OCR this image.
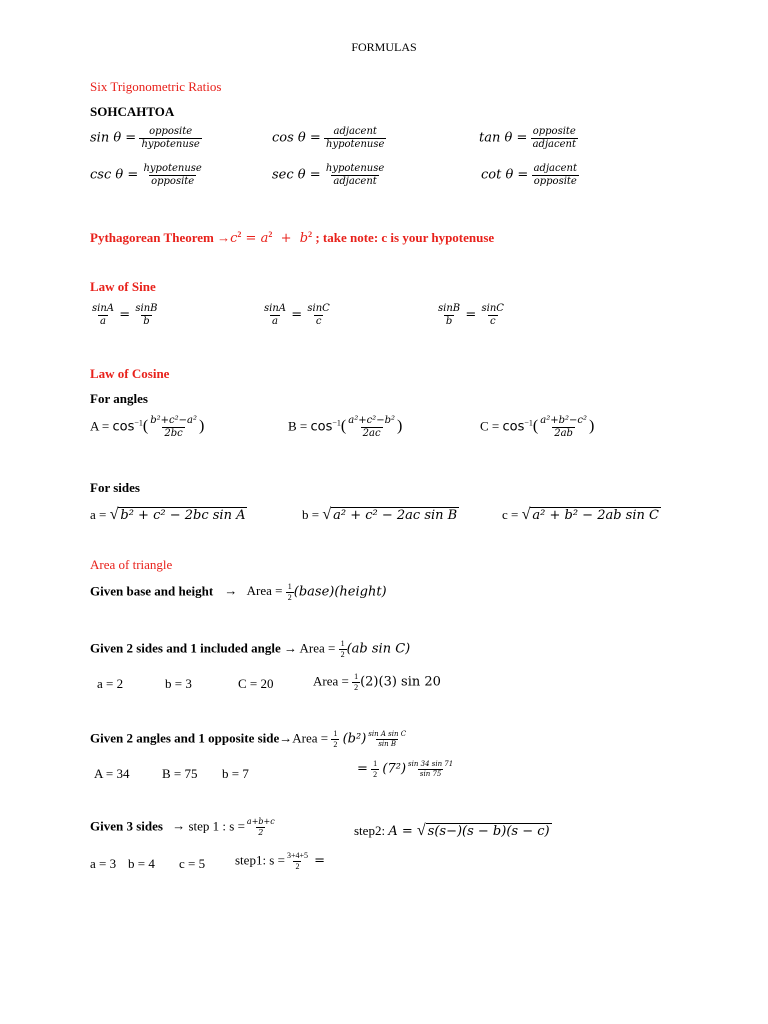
FORMULAS
Six Trigonometric Ratios
SOHCAHTOA
$\sin \theta = \frac{\text{opposite}}{\text{hypotenuse}}$	$\cos \theta = \frac{\text{adjacent}}{\text{hypotenuse}}$	$\tan \theta = \frac{\text{opposite}}{\text{adjacent}}$
$\csc \theta = \frac{\text{hypotenuse}}{\text{opposite}}$	$\sec \theta = \frac{\text{hypotenuse}}{\text{adjacent}}$	$\cot \theta = \frac{\text{adjacent}}{\text{opposite}}$
Pythagorean Theorem $\to c^2 = a^2 + b^2$ ; take note: c is your hypotenuse
Law of Sine
$\frac{\sin A}{a} = \frac{\sin B}{b}$	$\frac{\sin A}{a} = \frac{\sin C}{c}$	$\frac{\sin B}{b} = \frac{\sin C}{c}$
Law of Cosine
For angles
$A = \cos^{-1}( \frac{\text{b²+c²−a²}}{2bc}$ )	$B = \cos^{-1}( \frac{\text{a²+c²−b²}}{2ac}$ )	$C = \cos^{-1}( \frac{\text{a²+b²−c²}}{2ab}$ )
For sides
a = √ b² + c² − 2bc sin A	b = √ a² + c² − 2ac sin B	c = √ a² + b² − 2ab sin C
Area of triangle
Given base and height → Area = $\frac{1}{2}$ (base)(height)
Given 2 sides and 1 included angle → Area = $\frac{1}{2} (ab$ sin C)
a = 2	b = 3	C = 20	Area = $\frac{1}{2} (2)(3)$ sin 20
Given 2 angles and 1 opposite side→Area = $\frac{1}{2} (b^2) \frac{\text{sin A sin C}}{\text{sin B}}$
A = 34 B = 75 b = 7	= $\frac{1}{2} (7^2) \frac{\sin 34 \sin 71}{\sin 75}$
Given 3 sides → step 1 : $s = \frac{a+b+c}{2}$	step2: A = √ s(s−)(s − b)(s − c)
a = 3 b = 4 c = 5 step1: $s = \frac{3+4+5}{2}$ =
